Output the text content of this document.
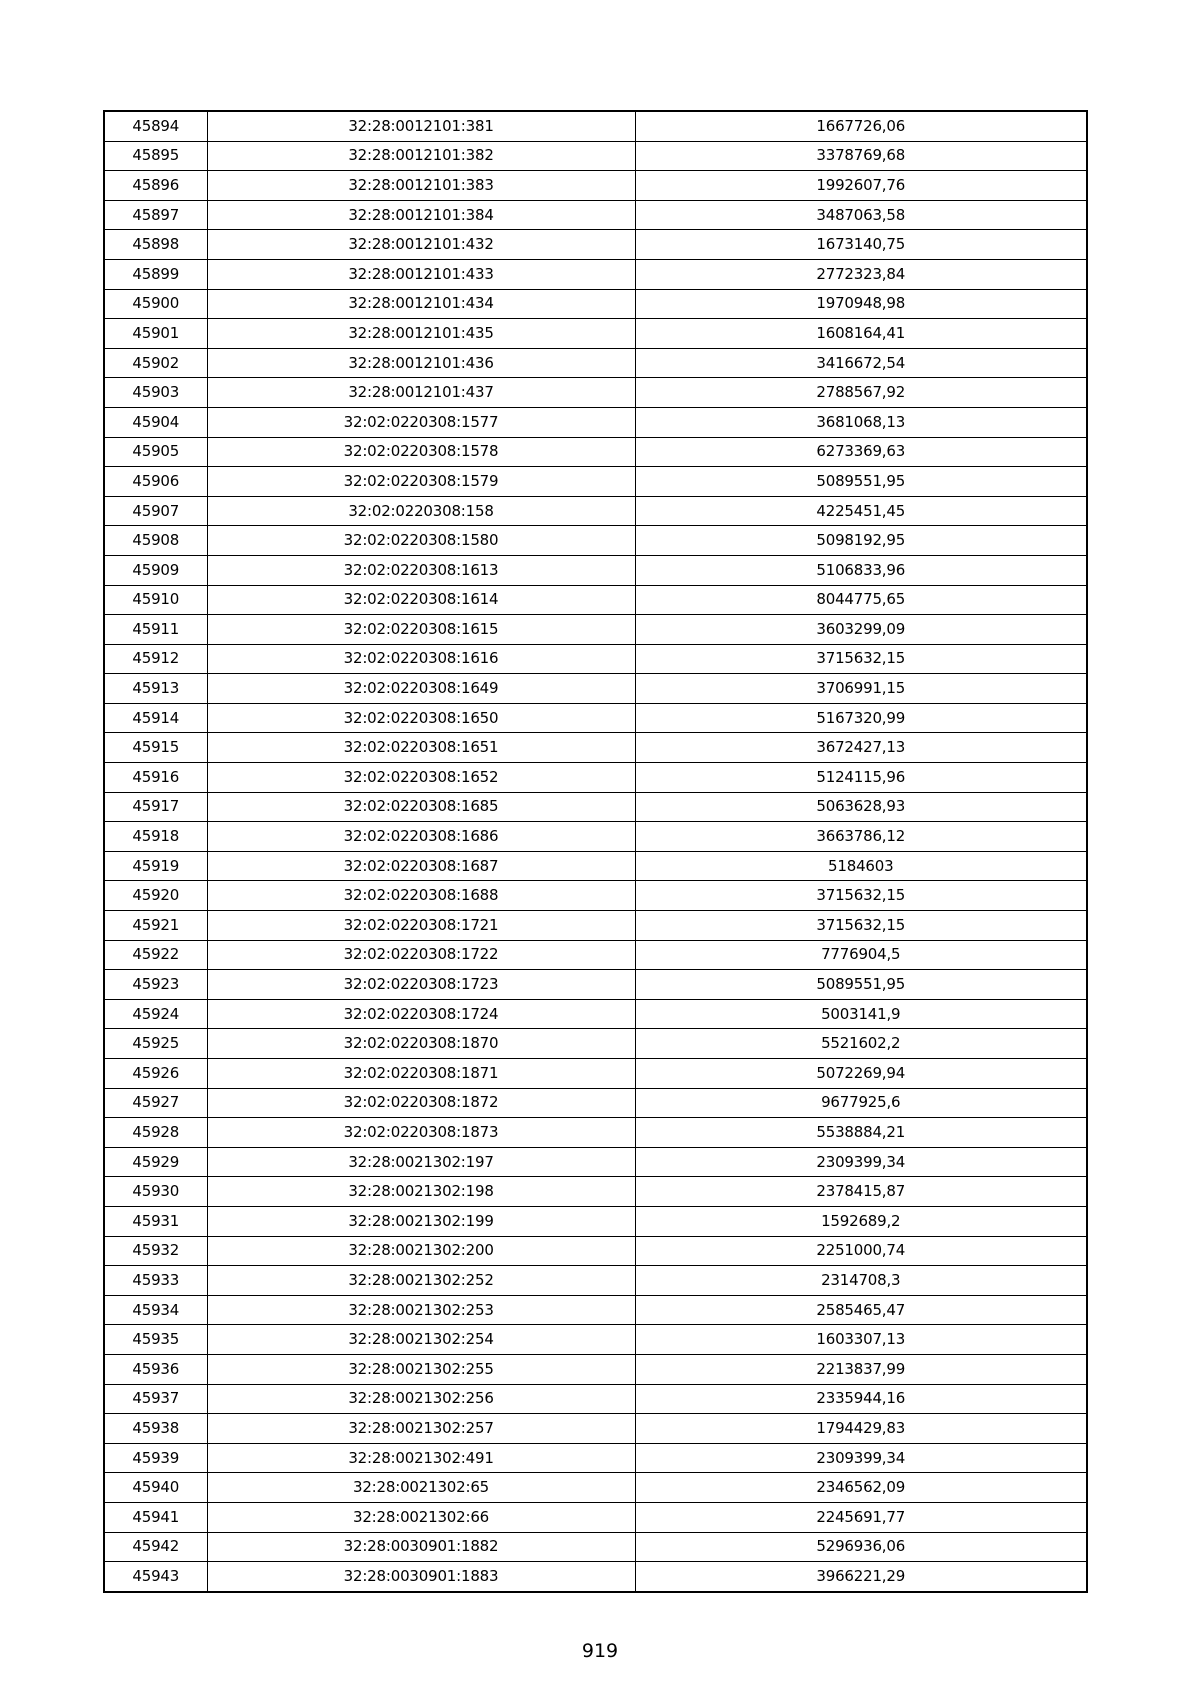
45894	32:28:0012101:381	1667726,06
45895	32:28:0012101:382	3378769,68
45896	32:28:0012101:383	1992607,76
45897	32:28:0012101:384	3487063,58
45898	32:28:0012101:432	1673140,75
45899	32:28:0012101:433	2772323,84
45900	32:28:0012101:434	1970948,98
45901	32:28:0012101:435	1608164,41
45902	32:28:0012101:436	3416672,54
45903	32:28:0012101:437	2788567,92
45904	32:02:0220308:1577	3681068,13
45905	32:02:0220308:1578	6273369,63
45906	32:02:0220308:1579	5089551,95
45907	32:02:0220308:158	4225451,45
45908	32:02:0220308:1580	5098192,95
45909	32:02:0220308:1613	5106833,96
45910	32:02:0220308:1614	8044775,65
45911	32:02:0220308:1615	3603299,09
45912	32:02:0220308:1616	3715632,15
45913	32:02:0220308:1649	3706991,15
45914	32:02:0220308:1650	5167320,99
45915	32:02:0220308:1651	3672427,13
45916	32:02:0220308:1652	5124115,96
45917	32:02:0220308:1685	5063628,93
45918	32:02:0220308:1686	3663786,12
45919	32:02:0220308:1687	5184603
45920	32:02:0220308:1688	3715632,15
45921	32:02:0220308:1721	3715632,15
45922	32:02:0220308:1722	7776904,5
45923	32:02:0220308:1723	5089551,95
45924	32:02:0220308:1724	5003141,9
45925	32:02:0220308:1870	5521602,2
45926	32:02:0220308:1871	5072269,94
45927	32:02:0220308:1872	9677925,6
45928	32:02:0220308:1873	5538884,21
45929	32:28:0021302:197	2309399,34
45930	32:28:0021302:198	2378415,87
45931	32:28:0021302:199	1592689,2
45932	32:28:0021302:200	2251000,74
45933	32:28:0021302:252	2314708,3
45934	32:28:0021302:253	2585465,47
45935	32:28:0021302:254	1603307,13
45936	32:28:0021302:255	2213837,99
45937	32:28:0021302:256	2335944,16
45938	32:28:0021302:257	1794429,83
45939	32:28:0021302:491	2309399,34
45940	32:28:0021302:65	2346562,09
45941	32:28:0021302:66	2245691,77
45942	32:28:0030901:1882	5296936,06
45943	32:28:0030901:1883	3966221,29
919
